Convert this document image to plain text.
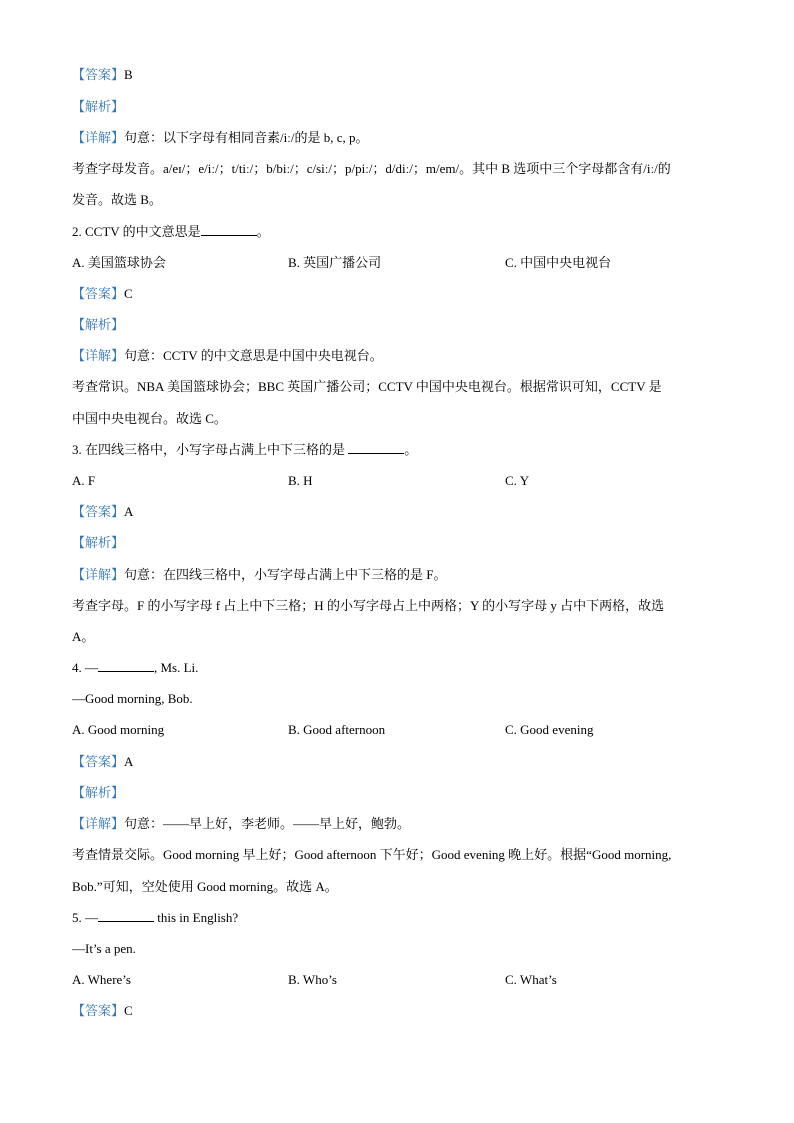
【答案】B
【解析】
【详解】句意：以下字母有相同音素/iː/的是 b, c, p。
考查字母发音。a/eɪ/；e/iː/；t/tiː/；b/biː/；c/siː/；p/piː/；d/diː/；m/em/。其中 B 选项中三个字母都含有/iː/的
发音。故选 B。
2. CCTV 的中文意思是	。
A. 美国篮球协会	B. 英国广播公司	C. 中国中央电视台
【答案】C
【解析】
【详解】句意：CCTV 的中文意思是中国中央电视台。
考查常识。NBA 美国篮球协会；BBC 英国广播公司；CCTV 中国中央电视台。根据常识可知，CCTV 是
中国中央电视台。故选 C。
3. 在四线三格中，小写字母占满上中下三格的是	。
A. F	B. H	C. Y
【答案】A
【解析】
【详解】句意：在四线三格中，小写字母占满上中下三格的是 F。
考查字母。F 的小写字母 f 占上中下三格；H 的小写字母占上中两格；Y 的小写字母 y 占中下两格，故选
A。
4. —	, Ms. Li.
—Good morning, Bob.
A. Good morning	B. Good afternoon	C. Good evening
【答案】A
【解析】
【详解】句意：——早上好，李老师。——早上好，鲍勃。
考查情景交际。Good morning 早上好；Good afternoon 下午好；Good evening 晚上好。根据“Good morning,
Bob.”可知，空处使用 Good morning。故选 A。
5. —	this in English?
—It’s a pen.
A. Where’s	B. Who’s	C. What’s
【答案】C
